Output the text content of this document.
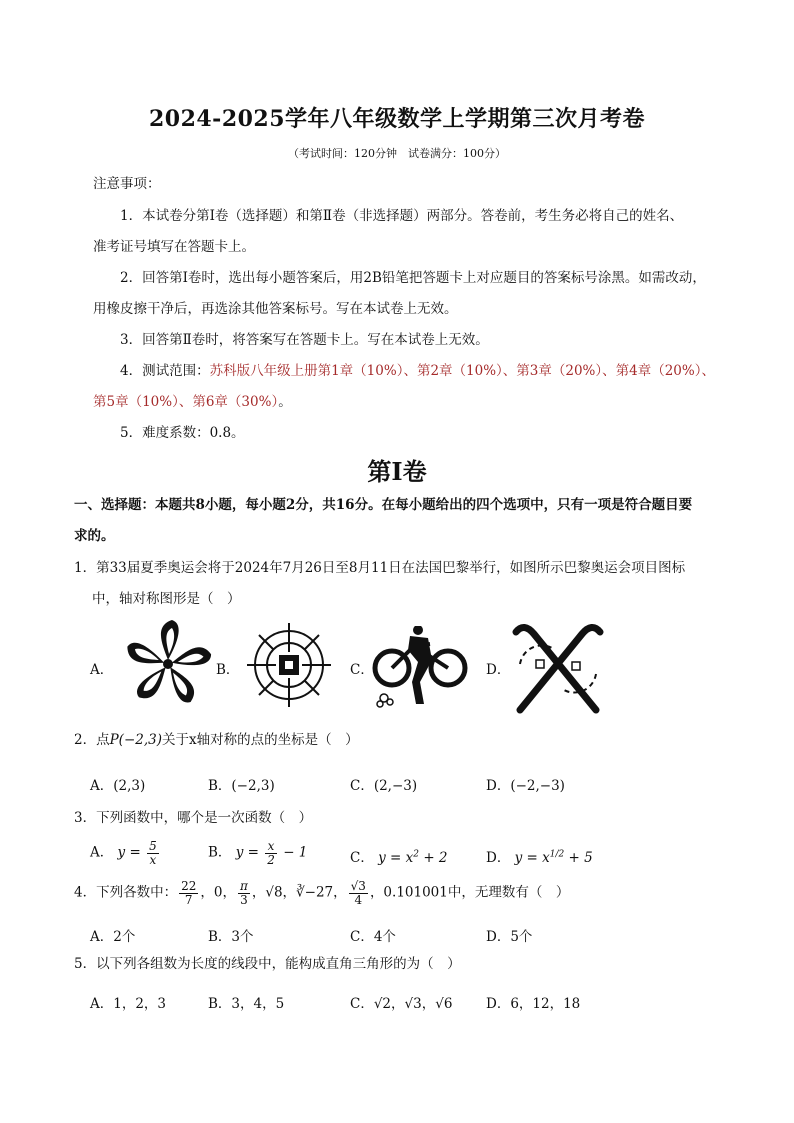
2024-2025学年八年级数学上学期第三次月考卷
（考试时间：120分钟　试卷满分：100分）
注意事项：
1．本试卷分第Ⅰ卷（选择题）和第Ⅱ卷（非选择题）两部分。答卷前，考生务必将自己的姓名、
准考证号填写在答题卡上。
2．回答第Ⅰ卷时，选出每小题答案后，用2B铅笔把答题卡上对应题目的答案标号涂黑。如需改动，
用橡皮擦干净后，再选涂其他答案标号。写在本试卷上无效。
3．回答第Ⅱ卷时，将答案写在答题卡上。写在本试卷上无效。
4．测试范围：苏科版八年级上册第1章（10%）、第2章（10%）、第3章（20%）、第4章（20%）、
第5章（10%）、第6章（30%）。
5．难度系数：0.8。
第Ⅰ卷
一、选择题：本题共8小题，每小题2分，共16分。在每小题给出的四个选项中，只有一项是符合题目要
求的。
1．第33届夏季奥运会将于2024年7月26日至8月11日在法国巴黎举行，如图所示巴黎奥运会项目图标
中，轴对称图形是（　）
A．	B．	C．	D．
2．点P(−2,3)关于x轴对称的点的坐标是（　）
A．(2,3)	B．(−2,3)	C．(2,−3)	D．(−2,−3)
3．下列函数中，哪个是一次函数（　）
A． $y = \frac{5}{x}$	B． $y = \frac{x}{2} - 1$	C． $y = x^2 + 2$	D． $y = x^{1/2} + 5$
4．下列各数中： $\frac{22}{7}$ ，0， $\frac{\pi}{3}$ ，√8，∛−27， $\frac{√3}{4}$ ，0.101001中，无理数有（　）
A．2个	B．3个	C．4个	D．5个
5．以下列各组数为长度的线段中，能构成直角三角形的为（　）
A．1，2，3	B．3，4，5	C．√2，√3，√6 D．6，12，18
